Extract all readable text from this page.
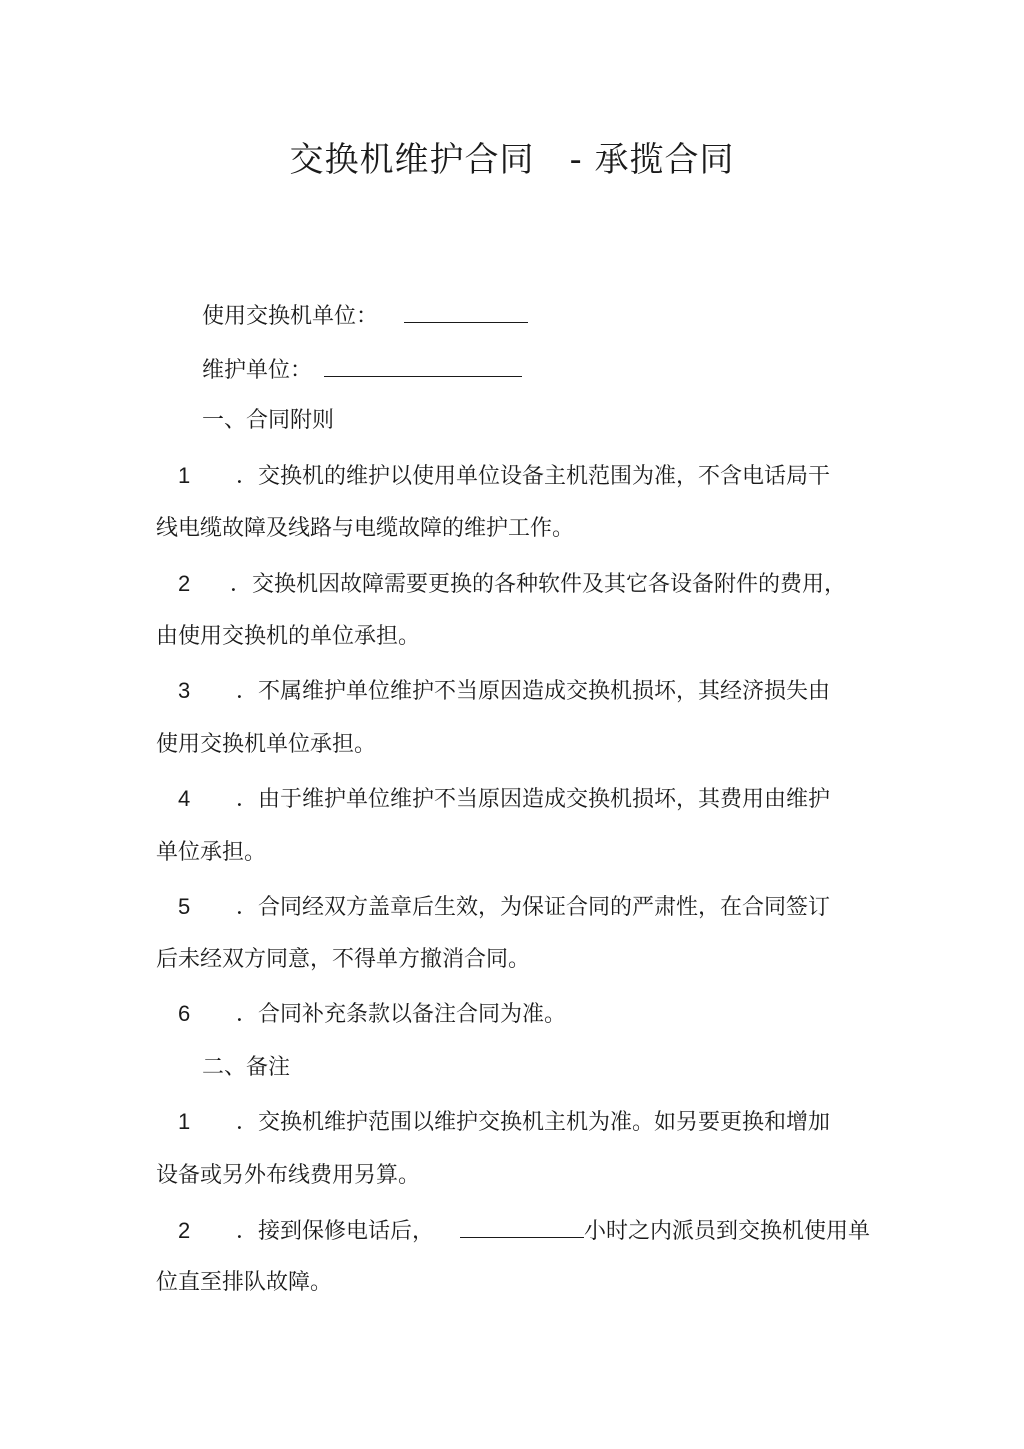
交换机维护合同　- 承揽合同
使用交换机单位：
维护单位：
一、合同附则
1 ．交换机的维护以使用单位设备主机范围为准，不含电话局干
线电缆故障及线路与电缆故障的维护工作。
2 ．交换机因故障需要更换的各种软件及其它各设备附件的费用，
由使用交换机的单位承担。
3 ．不属维护单位维护不当原因造成交换机损坏，其经济损失由
使用交换机单位承担。
4 ．由于维护单位维护不当原因造成交换机损坏，其费用由维护
单位承担。
5 ．合同经双方盖章后生效，为保证合同的严肃性，在合同签订
后未经双方同意，不得单方撤消合同。
6 ．合同补充条款以备注合同为准。
二、备注
1 ．交换机维护范围以维护交换机主机为准。如另要更换和增加
设备或另外布线费用另算。
2 ．接到保修电话后，	小时之内派员到交换机使用单
位直至排队故障。
